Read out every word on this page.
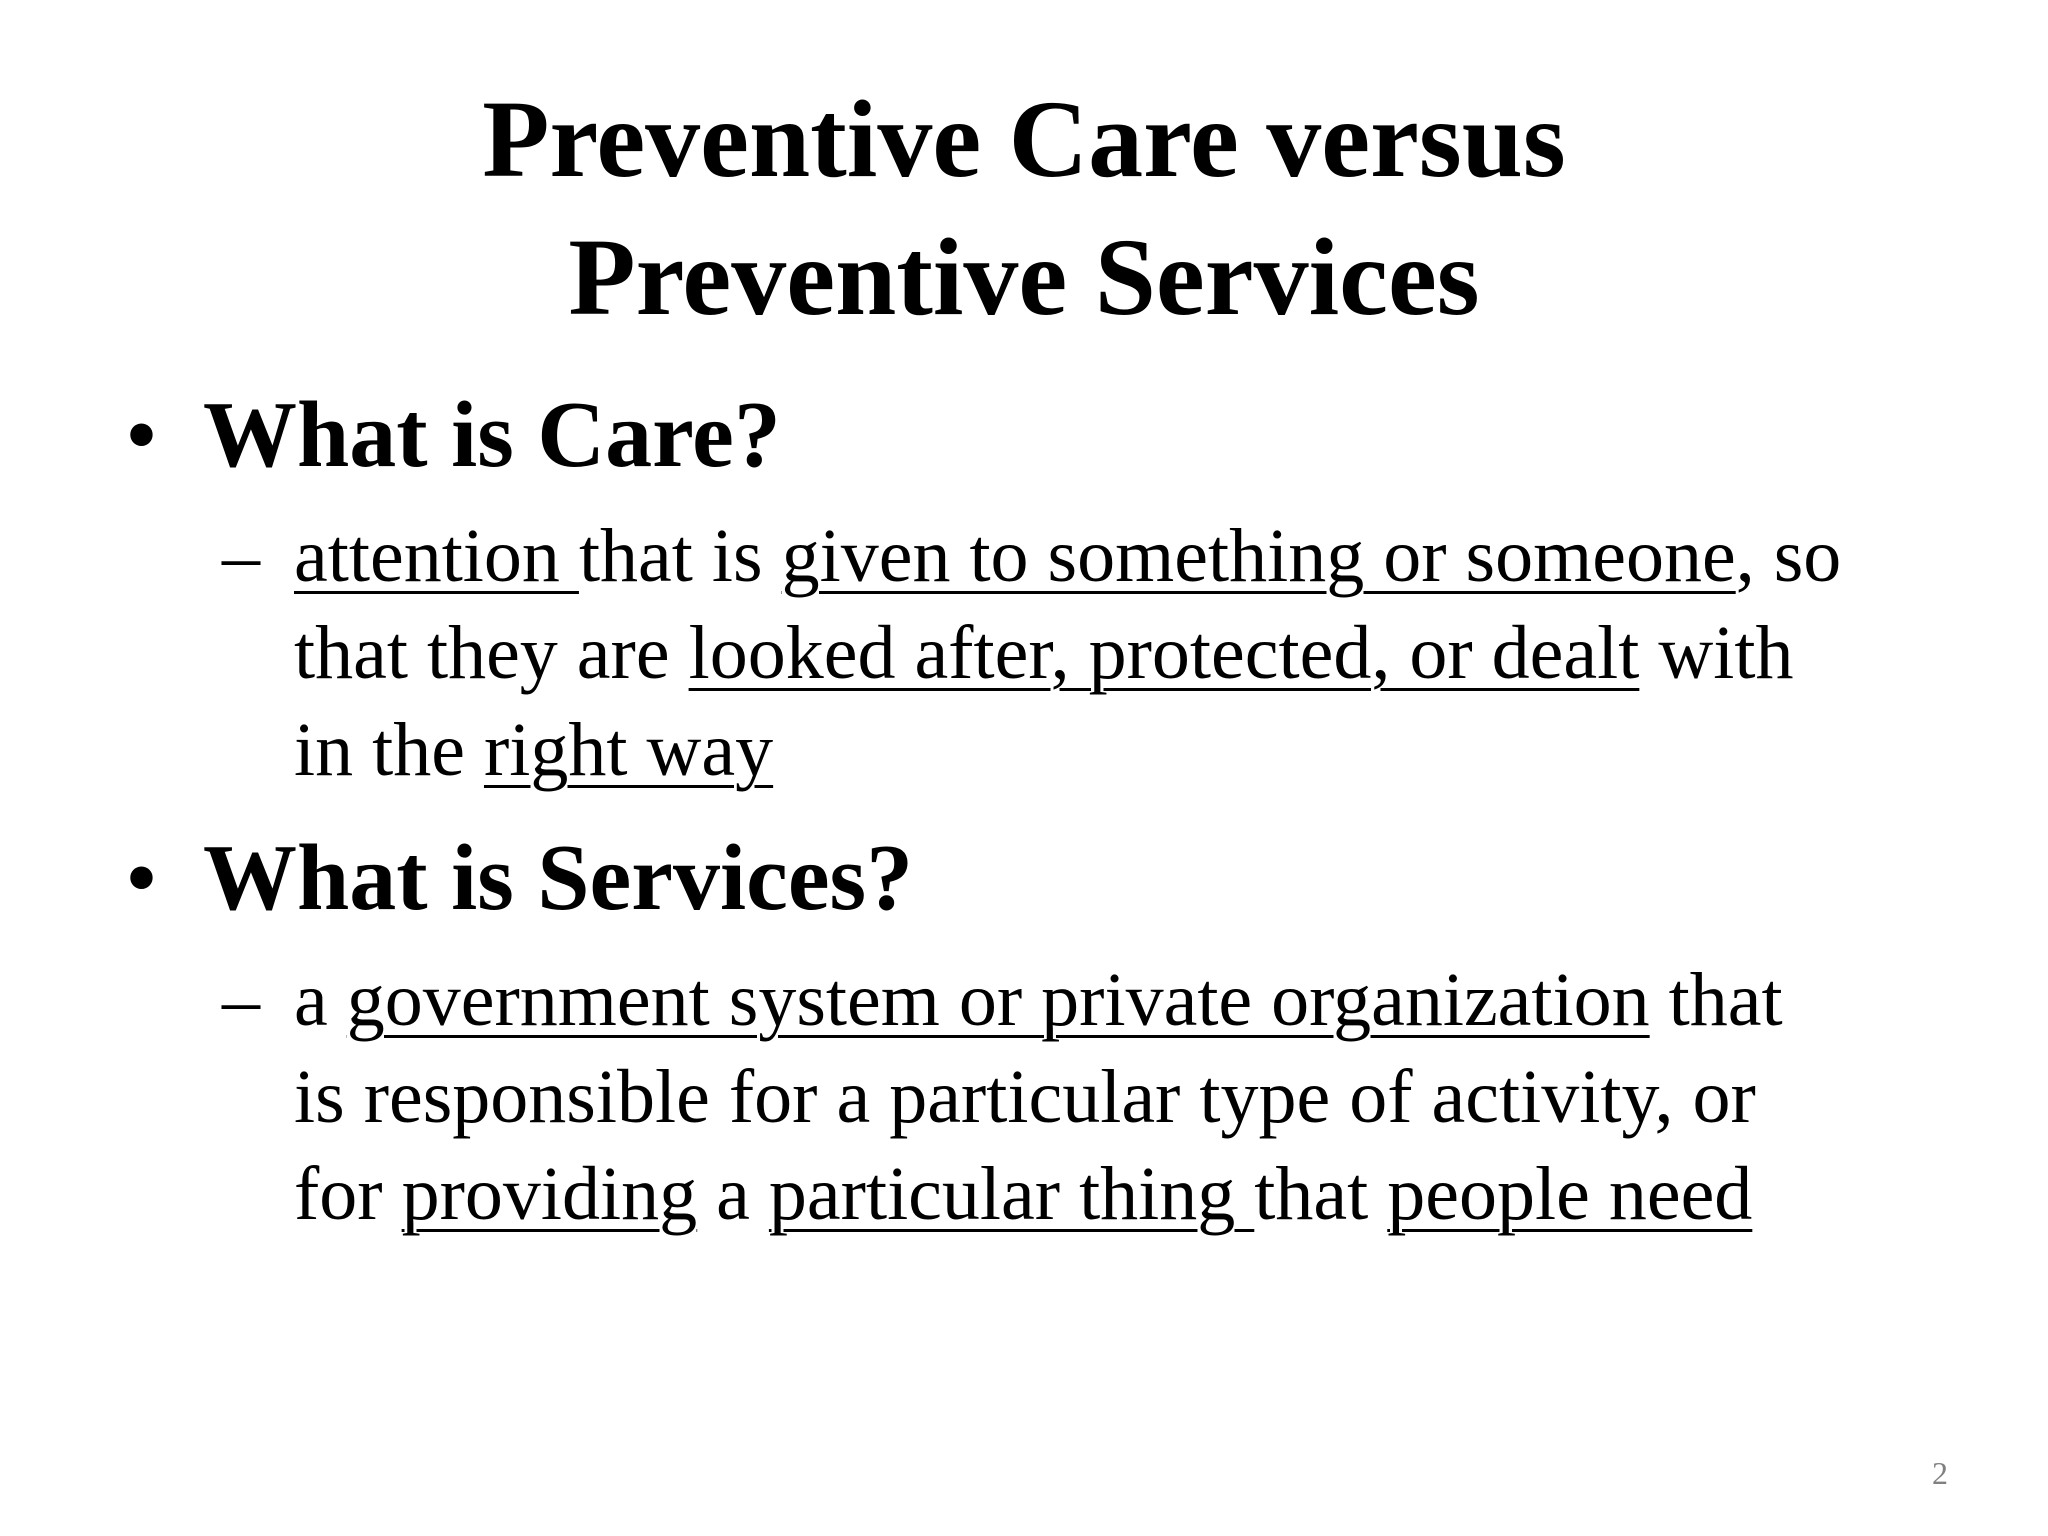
Preventive Care versus
Preventive Services
• What is Care?
– attention that is given to something or someone, so
that they are looked after, protected, or dealt with
in the right way
• What is Services?
– a government system or private organization that
is responsible for a particular type of activity, or
for providing a particular thing that people need
2
